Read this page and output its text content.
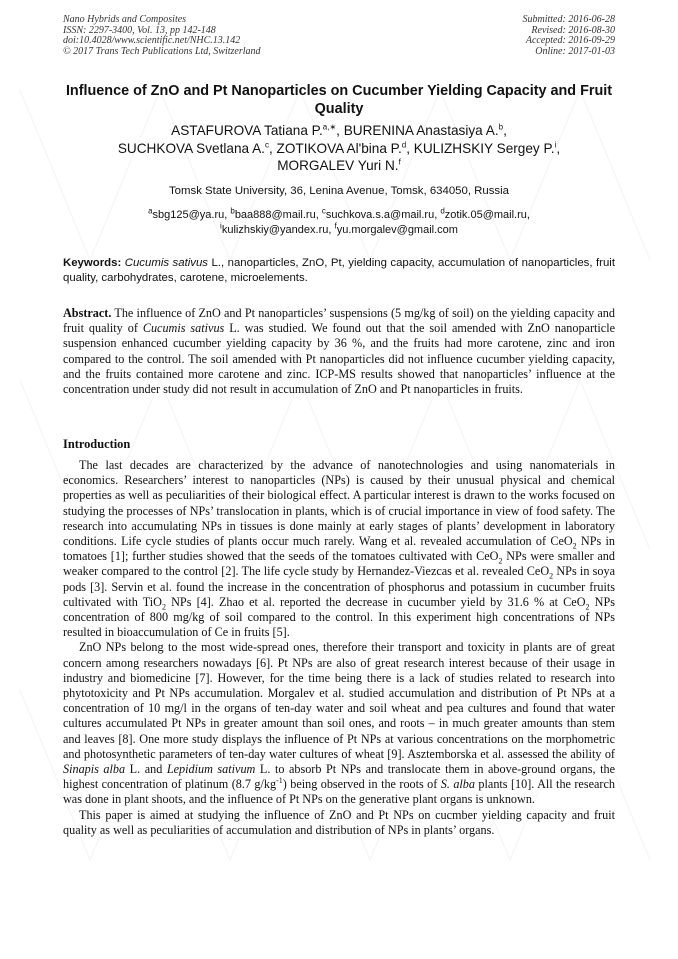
Nano Hybrids and Composites
ISSN: 2297-3400, Vol. 13, pp 142-148
doi:10.4028/www.scientific.net/NHC.13.142
© 2017 Trans Tech Publications Ltd, Switzerland
Submitted: 2016-06-28
Revised: 2016-08-30
Accepted: 2016-09-29
Online: 2017-01-03
Influence of ZnO and Pt Nanoparticles on Cucumber Yielding Capacity and Fruit Quality
ASTAFUROVA Tatiana P.$^{a,∗}$, BURENINA Anastasiya A.$^b$,
SUCHKOVA Svetlana A.$^c$, ZOTIKOVA Al'bina P.$^d$, KULIZHSKIY Sergey P.$^i$,
MORGALEV Yuri N.$^f$
Tomsk State University, 36, Lenina Avenue, Tomsk, 634050, Russia
$^a$sbg125@ya.ru, $^b$baa888@mail.ru, $^c$suchkova.s.a@mail.ru, $^d$zotik.05@mail.ru,
$^i$kulizhskiy@yandex.ru, $^f$yu.morgalev@gmail.com
Keywords: Cucumis sativus L., nanoparticles, ZnO, Pt, yielding capacity, accumulation of nanoparticles, fruit quality, carbohydrates, carotene, microelements.
Abstract. The influence of ZnO and Pt nanoparticles’ suspensions (5 mg/kg of soil) on the yielding capacity and fruit quality of Cucumis sativus L. was studied. We found out that the soil amended with ZnO nanoparticle suspension enhanced cucumber yielding capacity by 36 %, and the fruits had more carotene, zinc and iron compared to the control. The soil amended with Pt nanoparticles did not influence cucumber yielding capacity, and the fruits contained more carotene and zinc. ICP-MS results showed that nanoparticles’ influence at the concentration under study did not result in accumulation of ZnO and Pt nanoparticles in fruits.
Introduction

The last decades are characterized by the advance of nanotechnologies and using nanomaterials in economics. Researchers’ interest to nanoparticles (NPs) is caused by their unusual physical and chemical properties as well as peculiarities of their biological effect. A particular interest is drawn to the works focused on studying the processes of NPs’ translocation in plants, which is of crucial importance in view of food safety. The research into accumulating NPs in tissues is done mainly at early stages of plants’ development in laboratory conditions. Life cycle studies of plants occur much rarely. Wang et al. revealed accumulation of CeO$_2$ NPs in tomatoes [1]; further studies showed that the seeds of the tomatoes cultivated with CeO$_2$ NPs were smaller and weaker compared to the control [2]. The life cycle study by Hernandez-Viezcas et al. revealed CeO$_2$ NPs in soya pods [3]. Servin et al. found the increase in the concentration of phosphorus and potassium in cucumber fruits cultivated with TiO$_2$ NPs [4]. Zhao et al. reported the decrease in cucumber yield by 31.6 % at CeO$_2$ NPs concentration of 800 mg/kg of soil compared to the control. In this experiment high concentrations of NPs resulted in bioaccumulation of Ce in fruits [5].

ZnO NPs belong to the most wide-spread ones, therefore their transport and toxicity in plants are of great concern among researchers nowadays [6]. Pt NPs are also of great research interest because of their usage in industry and biomedicine [7]. However, for the time being there is a lack of studies related to research into phytotoxicity and Pt NPs accumulation. Morgalev et al. studied accumulation and distribution of Pt NPs at a concentration of 10 mg/l in the organs of ten-day water and soil wheat and pea cultures and found that water cultures accumulated Pt NPs in greater amount than soil ones, and roots – in much greater amounts than stem and leaves [8]. One more study displays the influence of Pt NPs at various concentrations on the morphometric and photosynthetic parameters of ten-day water cultures of wheat [9]. Asztemborska et al. assessed the ability of Sinapis alba L. and Lepidium sativum L. to absorb Pt NPs and translocate them in above-ground organs, the highest concentration of platinum (8.7 $g/kg^{-1}$) being observed in the roots of S. alba plants [10]. All the research was done in plant shoots, and the influence of Pt NPs on the generative plant organs is unknown.

This paper is aimed at studying the influence of ZnO and Pt NPs on cucmber yielding capacity and fruit quality as well as peculiarities of accumulation and distribution of NPs in plants’ organs.
